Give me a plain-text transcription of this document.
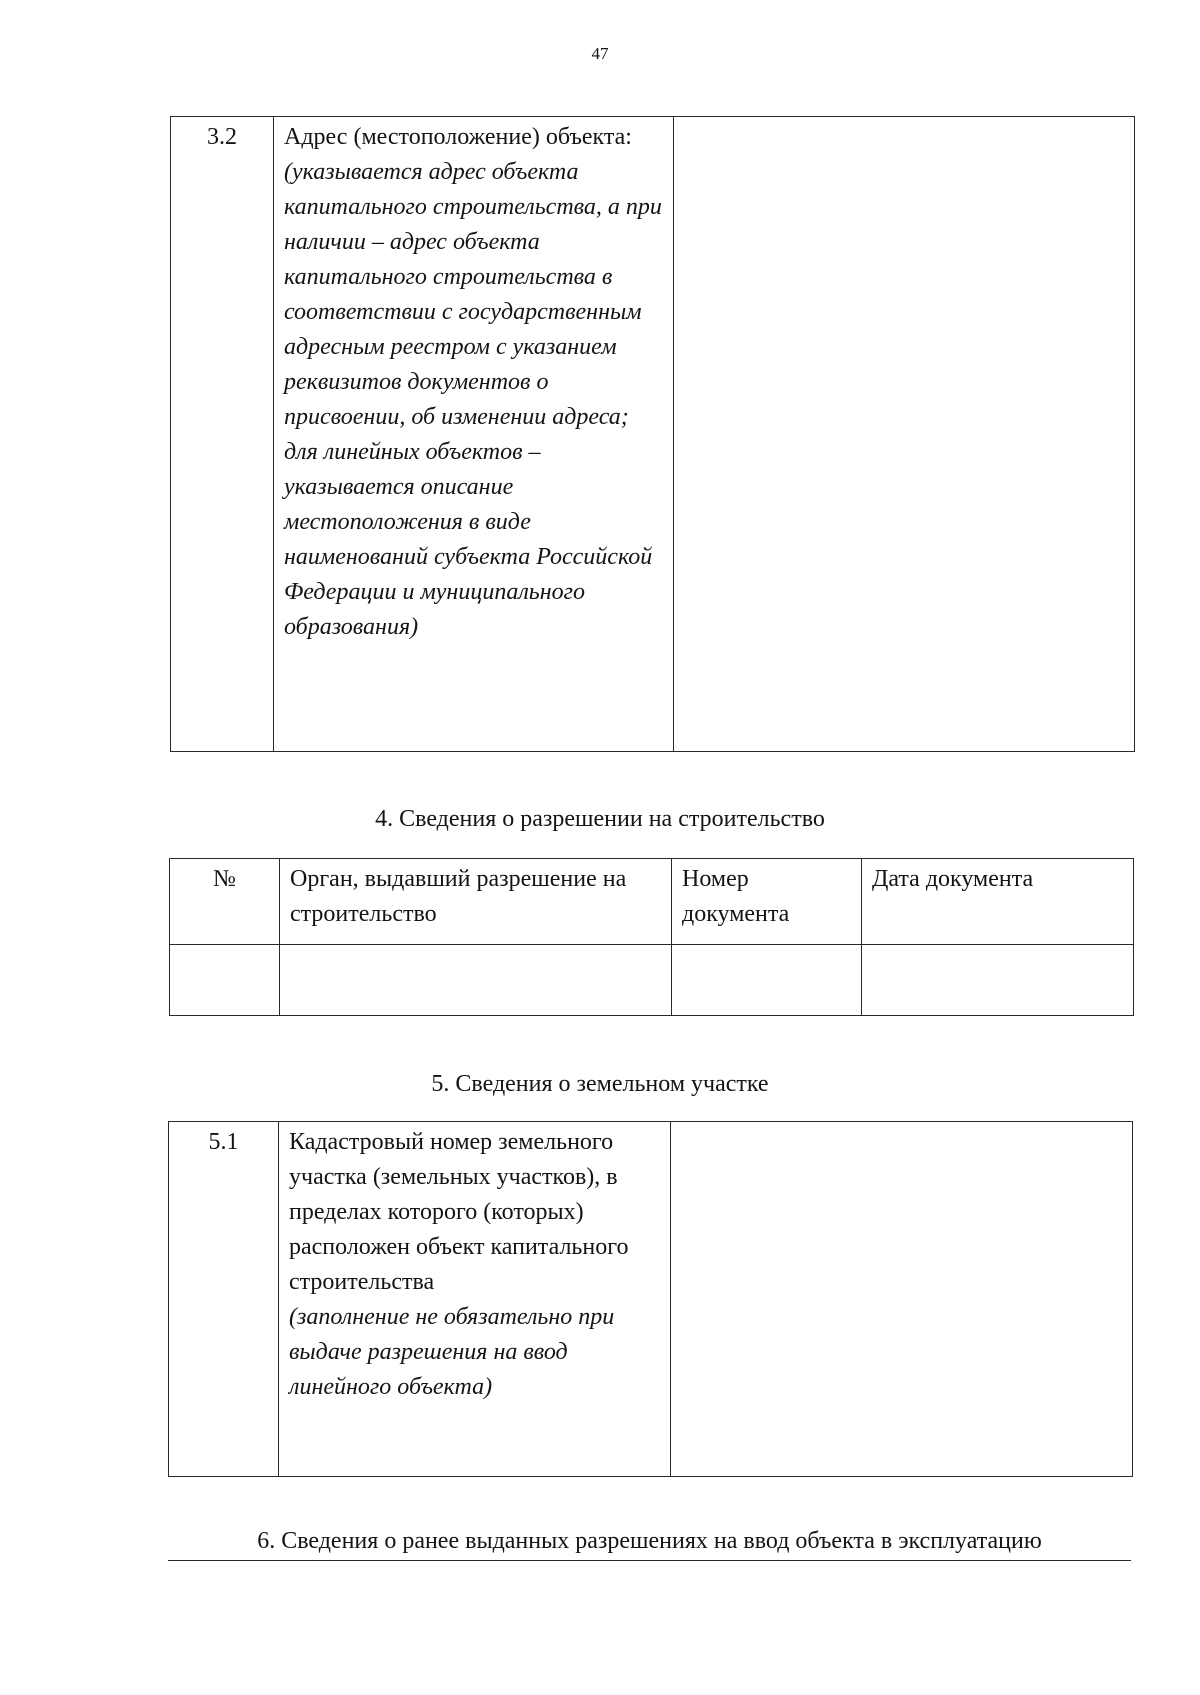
47
3.2	Адрес (местоположение) объекта:
(указывается адрес объекта капитального строительства, а при наличии – адрес объекта капитального строительства в соответствии с государственным адресным реестром с указанием реквизитов документов о присвоении, об изменении адреса; для линейных объектов – указывается описание местоположения в виде наименований субъекта Российской Федерации и муниципального образования)

4. Сведения о разрешении на строительство
№	Орган, выдавший разрешение на строительство	Номер документа	Дата документа

5. Сведения о земельном участке
5.1	Кадастровый номер земельного участка (земельных участков), в пределах которого (которых) расположен объект капитального строительства
(заполнение не обязательно при выдаче разрешения на ввод линейного объекта)

6. Сведения о ранее выданных разрешениях на ввод объекта в эксплуатацию
